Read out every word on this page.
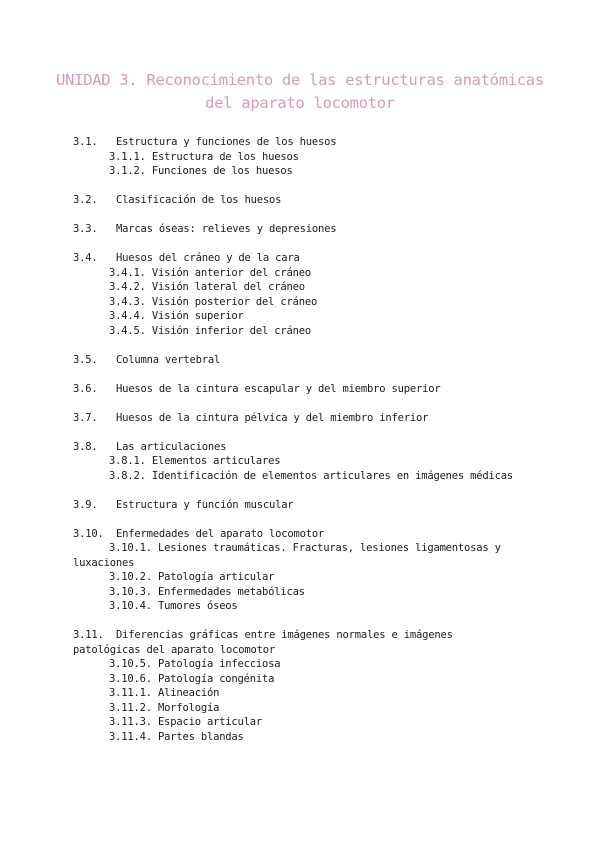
UNIDAD 3. Reconocimiento de las estructuras anatómicas del aparato locomotor
3.1. Estructura y funciones de los huesos
3.1.1. Estructura de los huesos
3.1.2. Funciones de los huesos
3.2. Clasificación de los huesos
3.3. Marcas óseas: relieves y depresiones
3.4. Huesos del cráneo y de la cara
3.4.1. Visión anterior del cráneo
3.4.2. Visión lateral del cráneo
3.4.3. Visión posterior del cráneo
3.4.4. Visión superior
3.4.5. Visión inferior del cráneo
3.5. Columna vertebral
3.6. Huesos de la cintura escapular y del miembro superior
3.7. Huesos de la cintura pélvica y del miembro inferior
3.8. Las articulaciones
3.8.1. Elementos articulares
3.8.2. Identificación de elementos articulares en imágenes médicas
3.9. Estructura y función muscular
3.10. Enfermedades del aparato locomotor
3.10.1. Lesiones traumáticas. Fracturas, lesiones ligamentosas y luxaciones
3.10.2. Patología articular
3.10.3. Enfermedades metabólicas
3.10.4. Tumores óseos
3.11. Diferencias gráficas entre imágenes normales e imágenes patológicas del aparato locomotor
3.10.5. Patología infecciosa
3.10.6. Patología congénita
3.11.1. Alineación
3.11.2. Morfología
3.11.3. Espacio articular
3.11.4. Partes blandas
